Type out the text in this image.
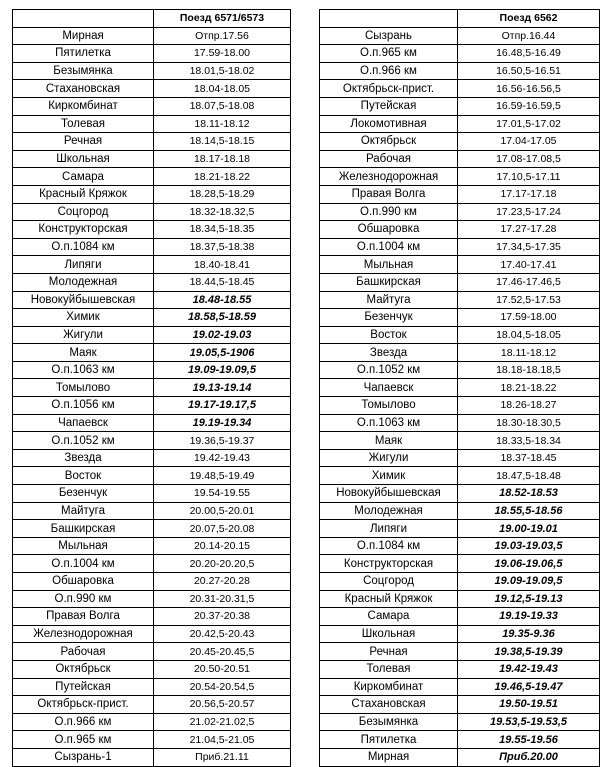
	Поезд 6571/6573
Мирная	Отпр.17.56
Пятилетка	17.59-18.00
Безымянка	18.01,5-18.02
Стахановская	18.04-18.05
Киркомбинат	18.07,5-18.08
Толевая	18.11-18.12
Речная	18.14,5-18.15
Школьная	18.17-18.18
Самара	18.21-18.22
Красный Кряжок	18.28,5-18.29
Соцгород	18.32-18.32,5
Конструкторская	18.34,5-18.35
О.п.1084 км	18.37,5-18.38
Липяги	18.40-18.41
Молодежная	18.44,5-18.45
Новокуйбышевская	18.48-18.55
Химик	18.58,5-18.59
Жигули	19.02-19.03
Маяк	19.05,5-1906
О.п.1063 км	19.09-19.09,5
Томылово	19.13-19.14
О.п.1056 км	19.17-19.17,5
Чапаевск	19.19-19.34
О.п.1052 км	19.36,5-19.37
Звезда	19.42-19.43
Восток	19.48,5-19.49
Безенчук	19.54-19.55
Майтуга	20.00,5-20.01
Башкирская	20.07,5-20.08
Мыльная	20.14-20.15
О.п.1004 км	20.20-20.20,5
Обшаровка	20.27-20.28
О.п.990 км	20.31-20.31,5
Правая Волга	20.37-20.38
Железнодорожная	20.42,5-20.43
Рабочая	20.45-20.45,5
Октябрьск	20.50-20.51
Путейская	20.54-20.54,5
Октябрьск-прист.	20.56,5-20.57
О.п.966 км	21.02-21.02,5
О.п.965 км	21.04,5-21.05
Сызрань-1	Приб.21.11
	Поезд 6562
Сызрань	Отпр.16.44
О.п.965 км	16.48,5-16.49
О.п.966 км	16.50,5-16.51
Октябрьск-прист.	16.56-16.56,5
Путейская	16.59-16.59,5
Локомотивная	17.01,5-17.02
Октябрьск	17.04-17.05
Рабочая	17.08-17.08,5
Железнодорожная	17.10,5-17.11
Правая Волга	17.17-17.18
О.п.990 км	17.23,5-17.24
Обшаровка	17.27-17.28
О.п.1004 км	17.34,5-17.35
Мыльная	17.40-17.41
Башкирская	17.46-17.46,5
Майтуга	17.52,5-17.53
Безенчук	17.59-18.00
Восток	18.04,5-18.05
Звезда	18.11-18.12
О.п.1052 км	18.18-18.18,5
Чапаевск	18.21-18.22
Томылово	18.26-18.27
О.п.1063 км	18.30-18.30,5
Маяк	18.33,5-18.34
Жигули	18.37-18.45
Химик	18.47,5-18.48
Новокуйбышевская	18.52-18.53
Молодежная	18.55,5-18.56
Липяги	19.00-19.01
О.п.1084 км	19.03-19.03,5
Конструкторская	19.06-19.06,5
Соцгород	19.09-19.09,5
Красный Кряжок	19.12,5-19.13
Самара	19.19-19.33
Школьная	19.35-9.36
Речная	19.38,5-19.39
Толевая	19.42-19.43
Киркомбинат	19.46,5-19.47
Стахановская	19.50-19.51
Безымянка	19.53,5-19.53,5
Пятилетка	19.55-19.56
Мирная	Приб.20.00
